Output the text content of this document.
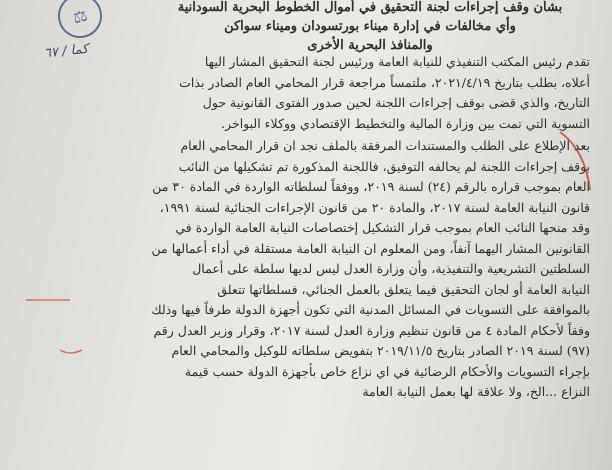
⚖
ﻛﻤﺎ / ٦٧
بشأن وقف إجراءات لجنة التحقيق في أموال الخطوط البحرية السودانية
وأي مخالفات في إدارة ميناء بورتسودان وميناء سواكن
والمنافذ البحرية الأخرى
تقدم رئيس المكتب التنفيذي للنيابة العامة ورئيس لجنة التحقيق المشار اليها
أعلاه، بطلب بتاريخ ٢٠٢١/٤/١٩، ملتمساً مراجعة قرار المحامي العام الصادر بذات
التاريخ، والذي قضى بوقف إجراءات اللجنة لحين صدور الفتوى القانونية حول
التسوية التي تمت بين وزارة المالية والتخطيط الإقتصادي ووكلاء البواخر.
بعد الإطلاع على الطلب والمستندات المرفقة بالملف نجد ان قرار المحامي العام
بوقف إجراءات اللجنة لم يحالفه التوفيق، فاللجنة المذكورة تم تشكيلها من النائب
العام بموجب قراره بالرقم (٢٤) لسنة ٢٠١٩، ووفقاً لسلطاته الواردة في المادة ٣٠ من
قانون النيابة العامة لسنة ٢٠١٧، والمادة ٢٠ من قانون الإجراءات الجنائية لسنة ١٩٩١،
وقد منحها النائب العام بموجب قرار التشكيل إختصاصات النيابة العامة الواردة في
القانونين المشار اليهما آنفاً، ومن المعلوم ان النيابة العامة مستقلة في أداء أعمالها من
السلطتين التشريعية والتنفيذية، وأن وزارة العدل ليس لديها سلطة على أعمال
النيابة العامة أو لجان التحقيق فيما يتعلق بالعمل الجنائي، فسلطاتها تتعلق
بالموافقة على التسويات في المسائل المدنية التي تكون أجهزة الدولة طرفاً فيها وذلك
وفقاً لأحكام المادة ٤ من قانون تنظيم وزارة العدل لسنة ٢٠١٧، وقرار وزير العدل رقم
(٩٧) لسنة ٢٠١٩ الصادر بتاريخ ٢٠١٩/١١/٥ بتفويض سلطاته للوكيل والمحامي العام
بإجراء التسويات والأحكام الرضائية في اي نزاع خاص بأجهزة الدولة حسب قيمة
النزاع ...الخ، ولا علاقة لها بعمل النيابة العامة
